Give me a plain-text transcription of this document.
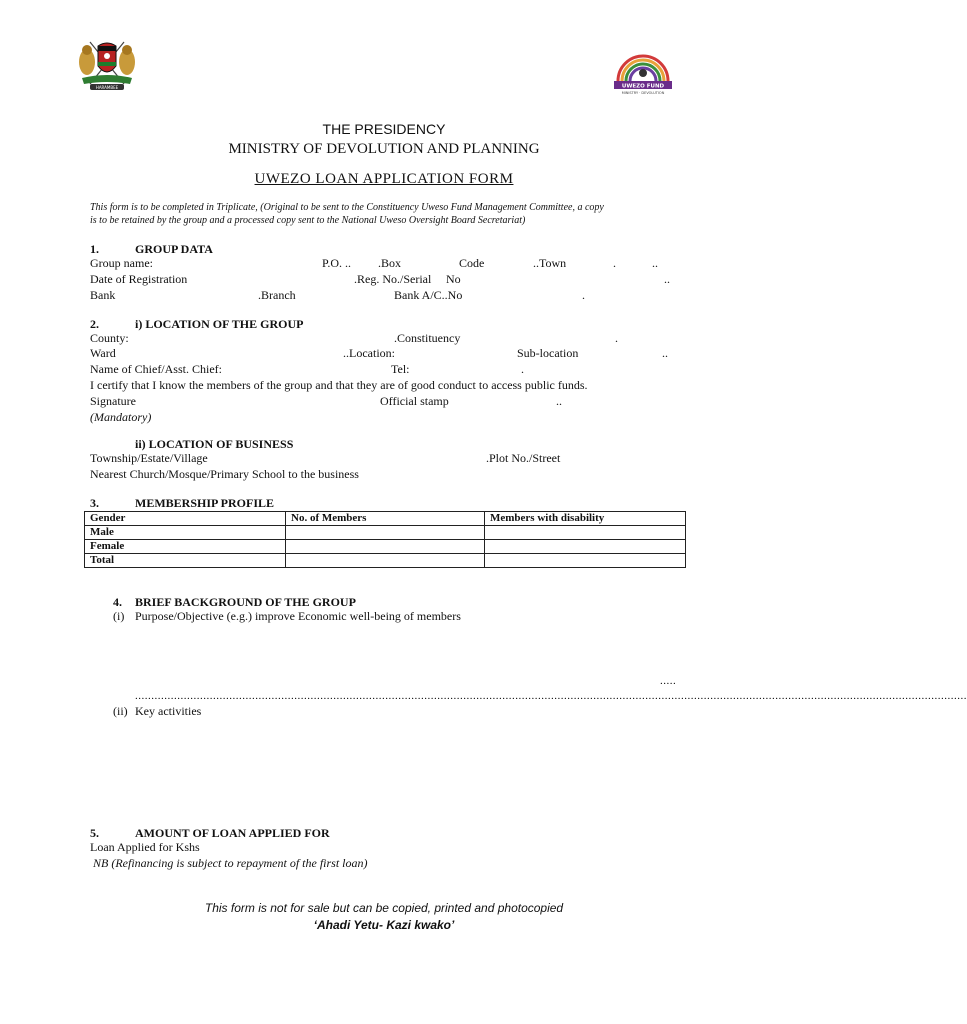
HARAMBEE	UWEZO FUND
MINISTRY · DEVOLUTION
THE PRESIDENCY
MINISTRY OF DEVOLUTION AND PLANNING
UWEZO LOAN APPLICATION FORM
This form is to be completed in Triplicate, (Original to be sent to the Constituency Uweso Fund Management Committee, a copy
is to be retained by the group and a processed copy sent to the National Uweso Oversight Board Secretariat)
1.	GROUP DATA
Group name:	P.O. .. .Box	Code	..Town	.	..
Date of Registration	.Reg. No./Serial No	..
Bank	.Branch	Bank A/C..No	.
2.	i) LOCATION OF THE GROUP
County:	.Constituency	.
Ward	..Location:	Sub-location	..
Name of Chief/Asst. Chief:	Tel:	.
I certify that I know the members of the group and that they are of good conduct to access public funds.
Signature	Official stamp	..
(Mandatory)
ii) LOCATION OF BUSINESS
Township/Estate/Village	.Plot No./Street
Nearest Church/Mosque/Primary School to the business
3.	MEMBERSHIP PROFILE
Gender	No. of Members	Members with disability
Male		
Female		
Total		
4. BRIEF BACKGROUND OF THE GROUP
(i) Purpose/Objective (e.g.) improve Economic well-being of members
.....
................................................................................................................................................................................................................................................................
(ii) Key activities
5.	AMOUNT OF LOAN APPLIED FOR
Loan Applied for Kshs
NB (Refinancing is subject to repayment of the first loan)
This form is not for sale but can be copied, printed and photocopied
‘Ahadi Yetu- Kazi kwako’
